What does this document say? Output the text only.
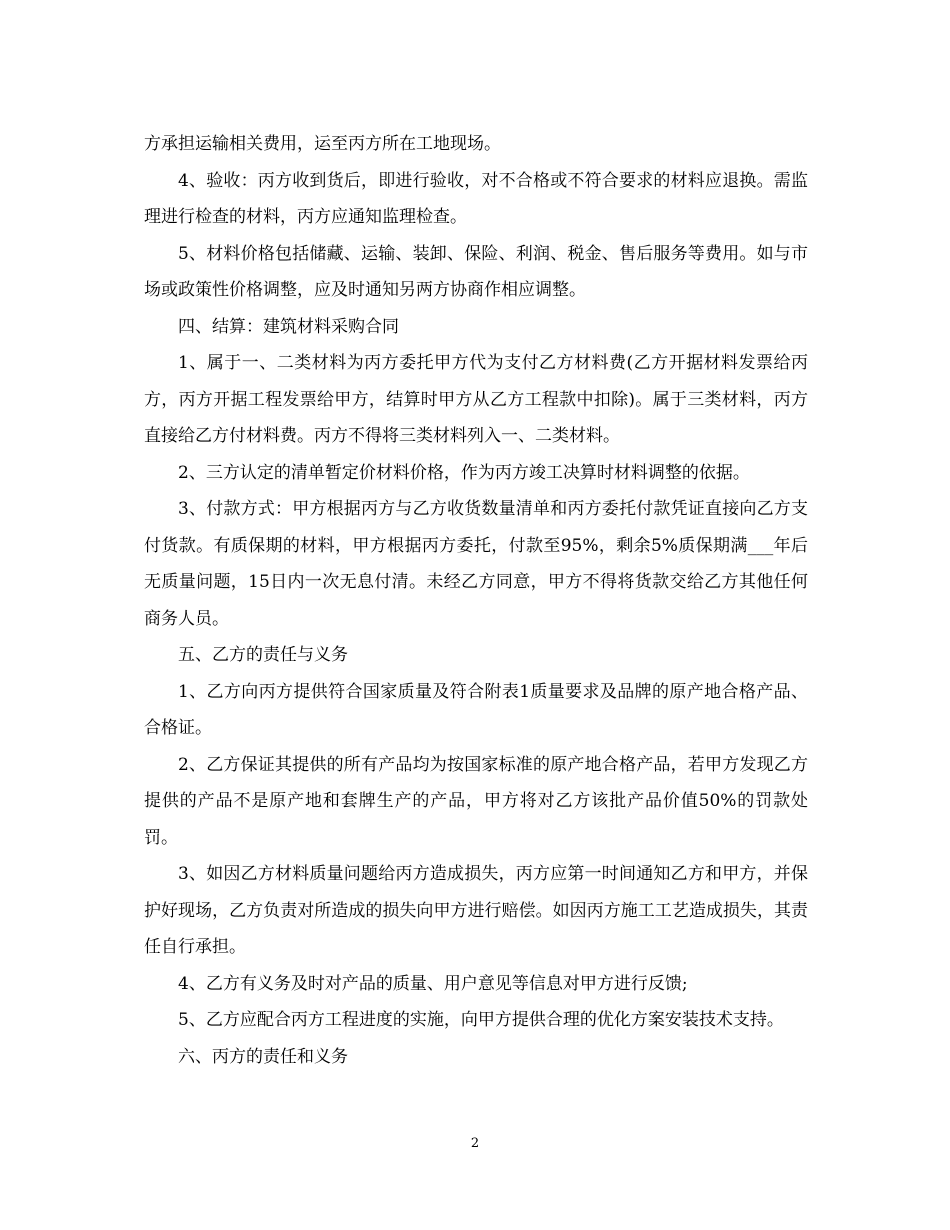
方承担运输相关费用，运至丙方所在工地现场。

4、验收：丙方收到货后，即进行验收，对不合格或不符合要求的材料应退换。需监理进行检查的材料，丙方应通知监理检查。

5、材料价格包括储藏、运输、装卸、保险、利润、税金、售后服务等费用。如与市场或政策性价格调整，应及时通知另两方协商作相应调整。

四、结算：建筑材料采购合同

1、属于一、二类材料为丙方委托甲方代为支付乙方材料费(乙方开据材料发票给丙方，丙方开据工程发票给甲方，结算时甲方从乙方工程款中扣除)。属于三类材料，丙方直接给乙方付材料费。丙方不得将三类材料列入一、二类材料。

2、三方认定的清单暂定价材料价格，作为丙方竣工决算时材料调整的依据。

3、付款方式：甲方根据丙方与乙方收货数量清单和丙方委托付款凭证直接向乙方支付货款。有质保期的材料，甲方根据丙方委托，付款至95%，剩余5%质保期满___年后无质量问题，15日内一次无息付清。未经乙方同意，甲方不得将货款交给乙方其他任何商务人员。

五、乙方的责任与义务

1、乙方向丙方提供符合国家质量及符合附表1质量要求及品牌的原产地合格产品、合格证。

2、乙方保证其提供的所有产品均为按国家标准的原产地合格产品，若甲方发现乙方提供的产品不是原产地和套牌生产的产品，甲方将对乙方该批产品价值50%的罚款处罚。

3、如因乙方材料质量问题给丙方造成损失，丙方应第一时间通知乙方和甲方，并保护好现场，乙方负责对所造成的损失向甲方进行赔偿。如因丙方施工工艺造成损失，其责任自行承担。

4、乙方有义务及时对产品的质量、用户意见等信息对甲方进行反馈;

5、乙方应配合丙方工程进度的实施，向甲方提供合理的优化方案安装技术支持。

六、丙方的责任和义务

2
